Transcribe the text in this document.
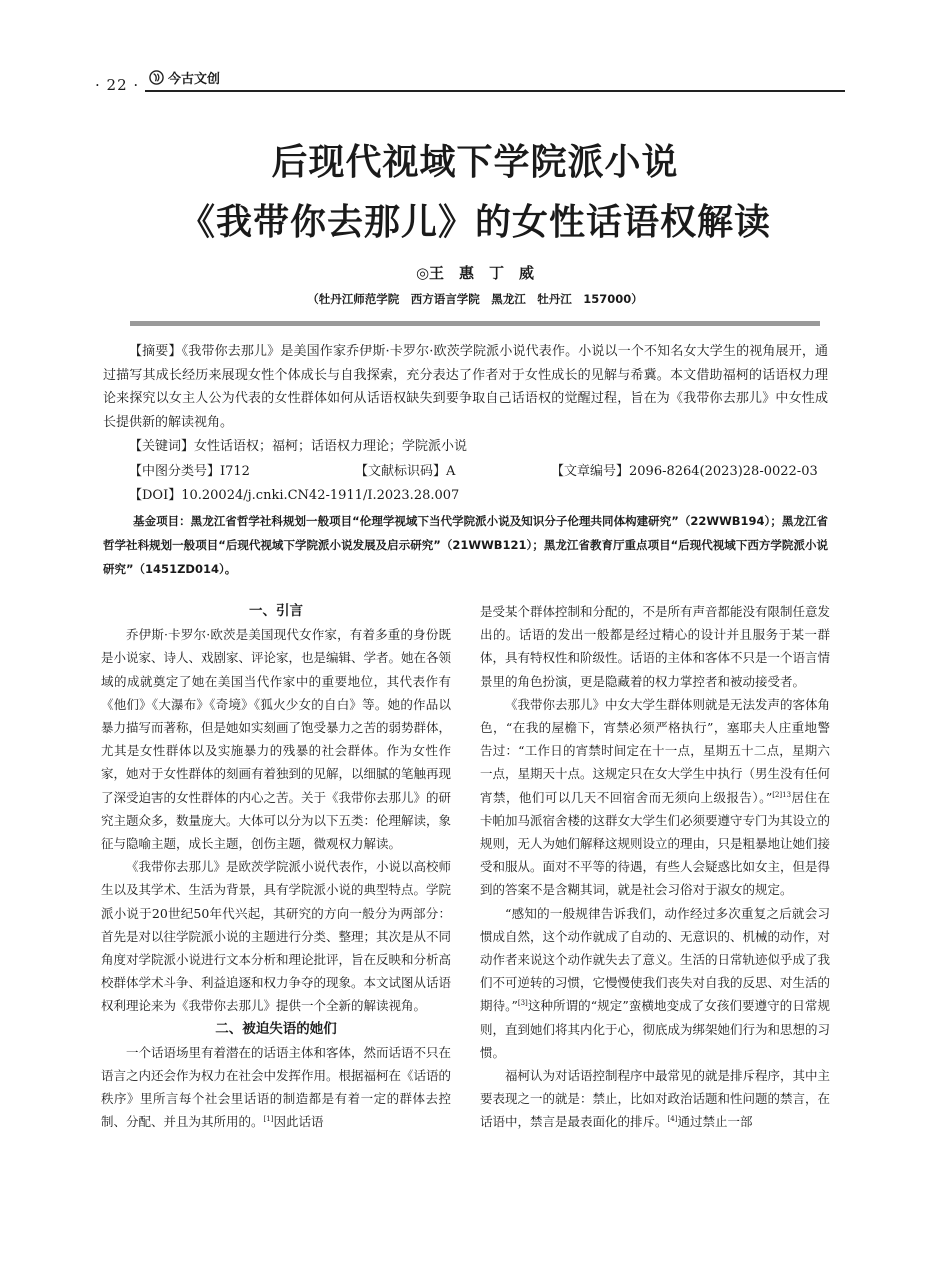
· 22 · 今古文创
后现代视域下学院派小说
《我带你去那儿》的女性话语权解读
◎王　惠　丁　威
（牡丹江师范学院　西方语言学院　黑龙江　牡丹江　157000）
【摘要】《我带你去那儿》是美国作家乔伊斯·卡罗尔·欧茨学院派小说代表作。小说以一个不知名女大学生的视角展开，通过描写其成长经历来展现女性个体成长与自我探索，充分表达了作者对于女性成长的见解与希冀。本文借助福柯的话语权力理论来探究以女主人公为代表的女性群体如何从话语权缺失到要争取自己话语权的觉醒过程，旨在为《我带你去那儿》中女性成长提供新的解读视角。
【关键词】女性话语权；福柯；话语权力理论；学院派小说
【中图分类号】I712	【文献标识码】A	【文章编号】2096-8264(2023)28-0022-03
【DOI】10.20024/j.cnki.CN42-1911/I.2023.28.007
基金项目：黑龙江省哲学社科规划一般项目“伦理学视域下当代学院派小说及知识分子伦理共同体构建研究”（22WWB194）；黑龙江省哲学社科规划一般项目“后现代视域下学院派小说发展及启示研究”（21WWB121）；黑龙江省教育厅重点项目“后现代视域下西方学院派小说研究”（1451ZD014）。
一、引言

乔伊斯·卡罗尔·欧茨是美国现代女作家，有着多重的身份既是小说家、诗人、戏剧家、评论家，也是编辑、学者。她在各领域的成就奠定了她在美国当代作家中的重要地位，其代表作有《他们》《大瀑布》《奇境》《狐火少女的自白》等。她的作品以暴力描写而著称，但是她如实刻画了饱受暴力之苦的弱势群体，尤其是女性群体以及实施暴力的残暴的社会群体。作为女性作家，她对于女性群体的刻画有着独到的见解，以细腻的笔触再现了深受迫害的女性群体的内心之苦。关于《我带你去那儿》的研究主题众多，数量庞大。大体可以分为以下五类：伦理解读，象征与隐喻主题，成长主题，创伤主题，微观权力解读。

《我带你去那儿》是欧茨学院派小说代表作，小说以高校师生以及其学术、生活为背景，具有学院派小说的典型特点。学院派小说于20世纪50年代兴起，其研究的方向一般分为两部分：首先是对以往学院派小说的主题进行分类、整理；其次是从不同角度对学院派小说进行文本分析和理论批评，旨在反映和分析高校群体学术斗争、利益追逐和权力争夺的现象。本文试图从话语权利理论来为《我带你去那儿》提供一个全新的解读视角。

二、被迫失语的她们

一个话语场里有着潜在的话语主体和客体，然而话语不只在语言之内还会作为权力在社会中发挥作用。根据福柯在《话语的秩序》里所言每个社会里话语的制造都是有着一定的群体去控制、分配、并且为其所用的。[1]因此话语

是受某个群体控制和分配的，不是所有声音都能没有限制任意发出的。话语的发出一般都是经过精心的设计并且服务于某一群体，具有特权性和阶级性。话语的主体和客体不只是一个语言情景里的角色扮演，更是隐藏着的权力掌控者和被动接受者。

《我带你去那儿》中女大学生群体则就是无法发声的客体角色，“在我的屋檐下，宵禁必须严格执行”，塞耶夫人庄重地警告过：“工作日的宵禁时间定在十一点，星期五十二点，星期六一点，星期天十点。这规定只在女大学生中执行（男生没有任何宵禁，他们可以几天不回宿舍而无须向上级报告）。”$^{[2]13}$居住在卡帕加马派宿舍楼的这群女大学生们必须要遵守专门为其设立的规则，无人为她们解释这规则设立的理由，只是粗暴地让她们接受和服从。面对不平等的待遇，有些人会疑惑比如女主，但是得到的答案不是含糊其词，就是社会习俗对于淑女的规定。

“感知的一般规律告诉我们，动作经过多次重复之后就会习惯成自然，这个动作就成了自动的、无意识的、机械的动作，对动作者来说这个动作就失去了意义。生活的日常轨迹似乎成了我们不可逆转的习惯，它慢慢使我们丧失对自我的反思、对生活的期待。”[3]这种所谓的“规定”蛮横地变成了女孩们要遵守的日常规则，直到她们将其内化于心，彻底成为绑架她们行为和思想的习惯。

福柯认为对话语控制程序中最常见的就是排斥程序，其中主要表现之一的就是：禁止，比如对政治话题和性问题的禁言，在话语中，禁言是最表面化的排斥。[4]通过禁止一部
